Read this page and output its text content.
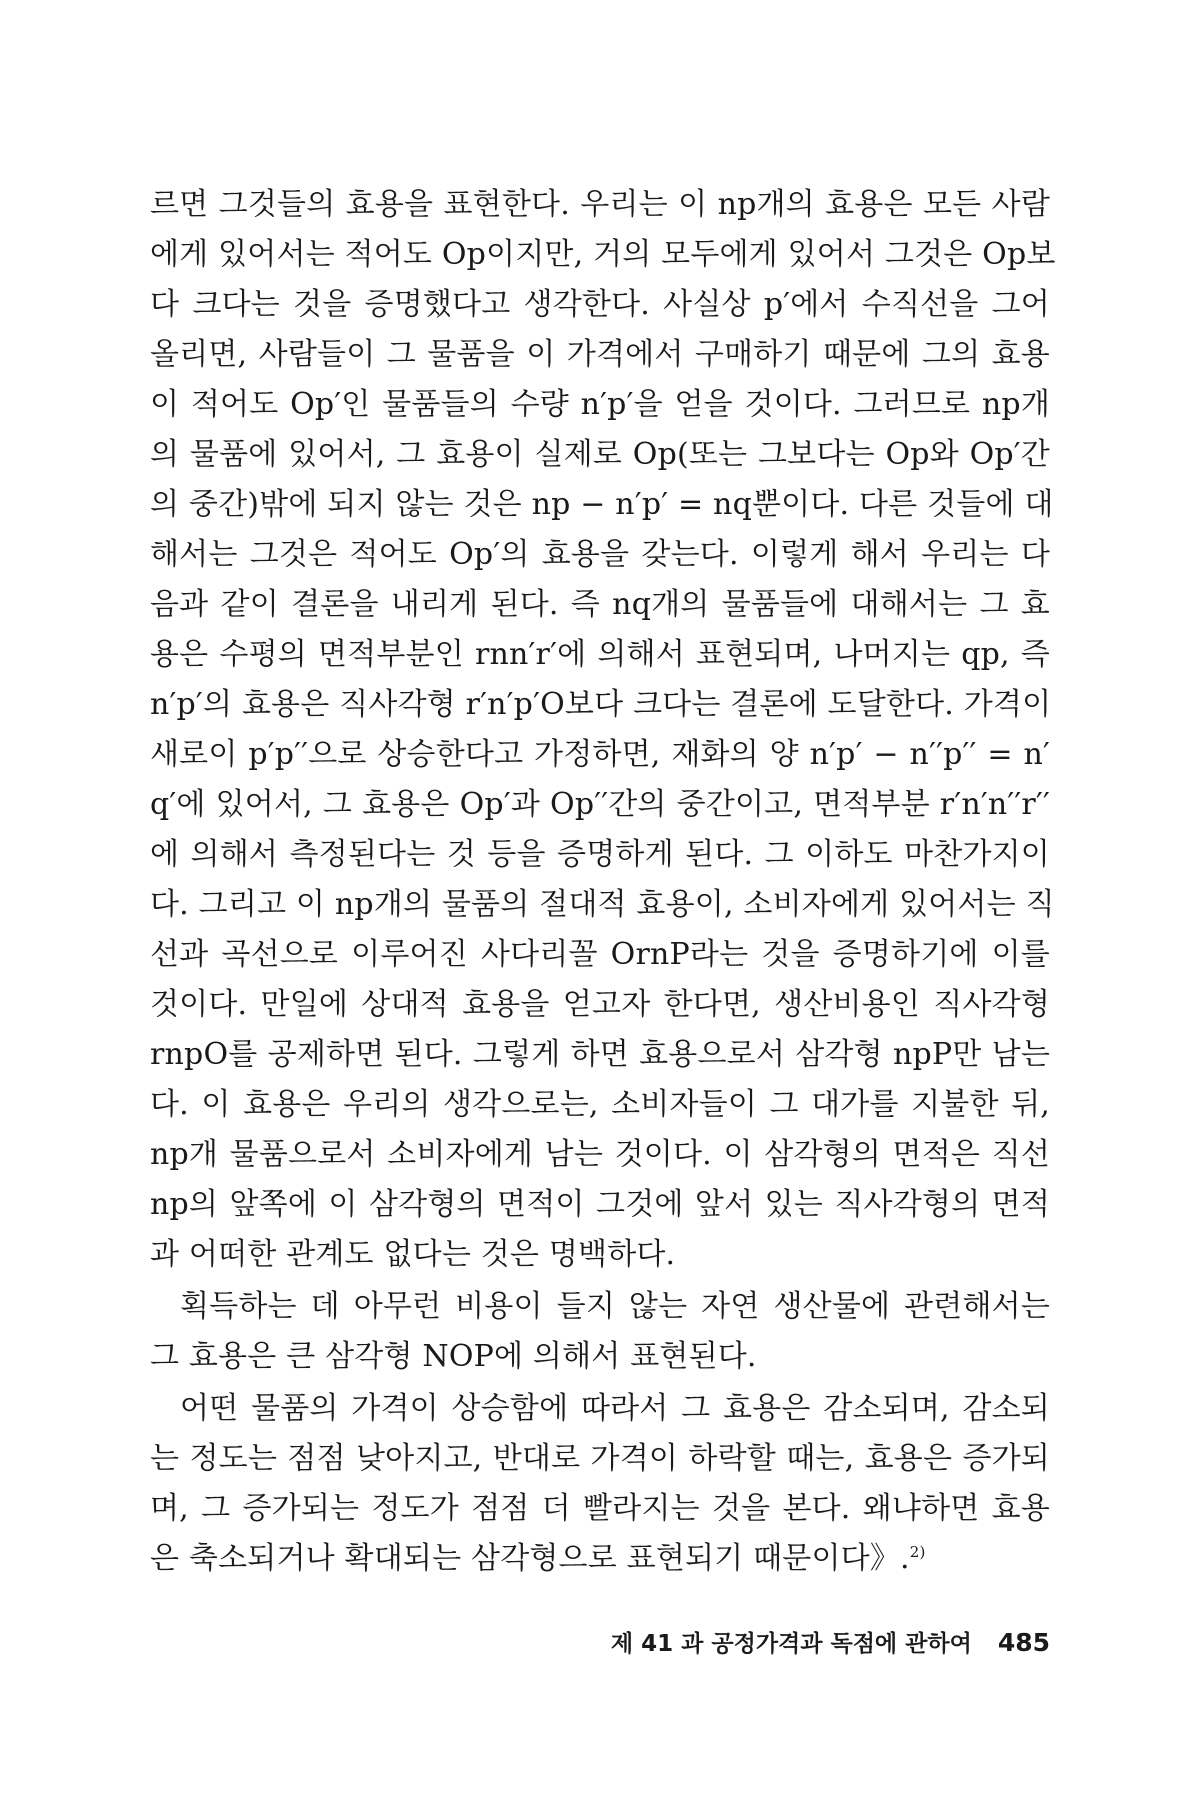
르면 그것들의 효용을 표현한다. 우리는 이 np개의 효용은 모든 사람
에게 있어서는 적어도 Op이지만, 거의 모두에게 있어서 그것은 Op보
다 크다는 것을 증명했다고 생각한다. 사실상 p′에서 수직선을 그어
올리면, 사람들이 그 물품을 이 가격에서 구매하기 때문에 그의 효용
이 적어도 Op′인 물품들의 수량 n′p′을 얻을 것이다. 그러므로 np개
의 물품에 있어서, 그 효용이 실제로 Op(또는 그보다는 Op와 Op′간
의 중간)밖에 되지 않는 것은 np − n′p′ = nq뿐이다. 다른 것들에 대
해서는 그것은 적어도 Op′의 효용을 갖는다. 이렇게 해서 우리는 다
음과 같이 결론을 내리게 된다. 즉 nq개의 물품들에 대해서는 그 효
용은 수평의 면적부분인 rnn′r′에 의해서 표현되며, 나머지는 qp, 즉
n′p′의 효용은 직사각형 r′n′p′O보다 크다는 결론에 도달한다. 가격이
새로이 p′p′′으로 상승한다고 가정하면, 재화의 양 n′p′ − n′′p′′ = n′
q′에 있어서, 그 효용은 Op′과 Op′′간의 중간이고, 면적부분 r′n′n′′r′′
에 의해서 측정된다는 것 등을 증명하게 된다. 그 이하도 마찬가지이
다. 그리고 이 np개의 물품의 절대적 효용이, 소비자에게 있어서는 직
선과 곡선으로 이루어진 사다리꼴 OrnP라는 것을 증명하기에 이를
것이다. 만일에 상대적 효용을 얻고자 한다면, 생산비용인 직사각형
rnpO를 공제하면 된다. 그렇게 하면 효용으로서 삼각형 npP만 남는
다. 이 효용은 우리의 생각으로는, 소비자들이 그 대가를 지불한 뒤,
np개 물품으로서 소비자에게 남는 것이다. 이 삼각형의 면적은 직선
np의 앞쪽에 이 삼각형의 면적이 그것에 앞서 있는 직사각형의 면적
과 어떠한 관계도 없다는 것은 명백하다.
획득하는 데 아무런 비용이 들지 않는 자연 생산물에 관련해서는
그 효용은 큰 삼각형 NOP에 의해서 표현된다.
어떤 물품의 가격이 상승함에 따라서 그 효용은 감소되며, 감소되
는 정도는 점점 낮아지고, 반대로 가격이 하락할 때는, 효용은 증가되
며, 그 증가되는 정도가 점점 더 빨라지는 것을 본다. 왜냐하면 효용
은 축소되거나 확대되는 삼각형으로 표현되기 때문이다》.$^{2)}$
제 41 과 공정가격과 독점에 관하여 485
